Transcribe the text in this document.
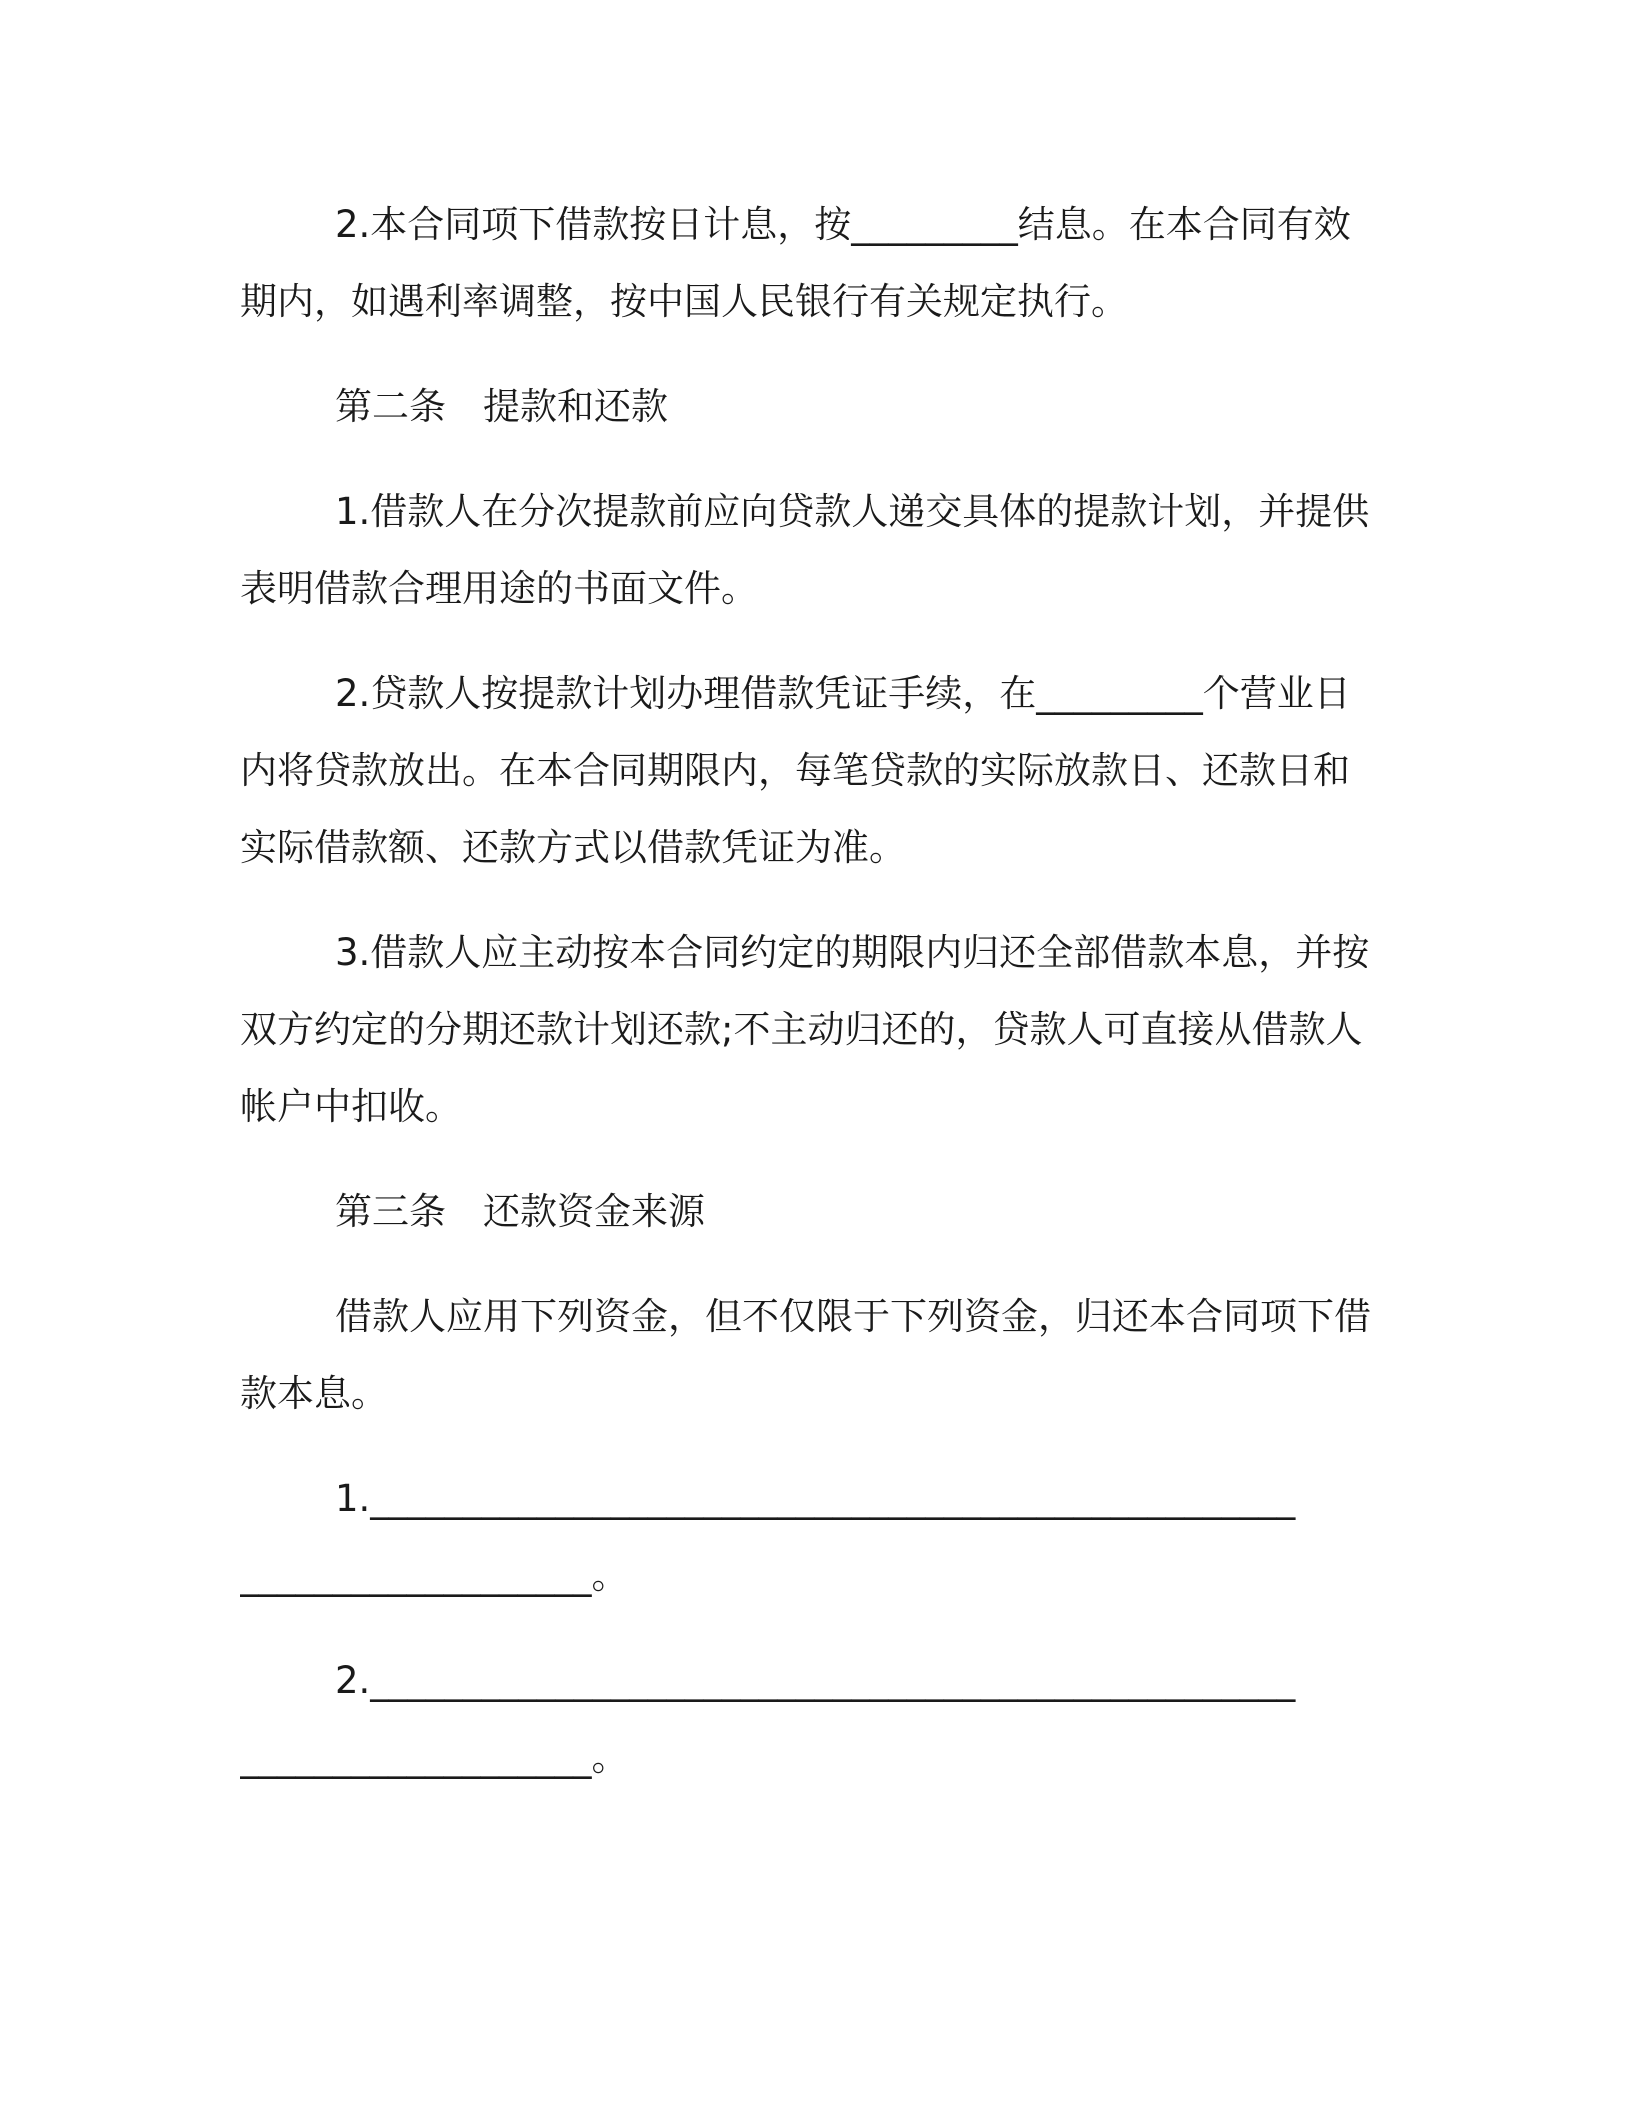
2.本合同项下借款按日计息，按_________结息。在本合同有效
期内，如遇利率调整，按中国人民银行有关规定执行。
第二条　提款和还款
1.借款人在分次提款前应向贷款人递交具体的提款计划，并提供
表明借款合理用途的书面文件。
2.贷款人按提款计划办理借款凭证手续，在_________个营业日
内将贷款放出。在本合同期限内，每笔贷款的实际放款日、还款日和
实际借款额、还款方式以借款凭证为准。
3.借款人应主动按本合同约定的期限内归还全部借款本息，并按
双方约定的分期还款计划还款;不主动归还的，贷款人可直接从借款人
帐户中扣收。
第三条　还款资金来源
借款人应用下列资金，但不仅限于下列资金，归还本合同项下借
款本息。
1.__________________________________________________
___________________。
2.__________________________________________________
___________________。
